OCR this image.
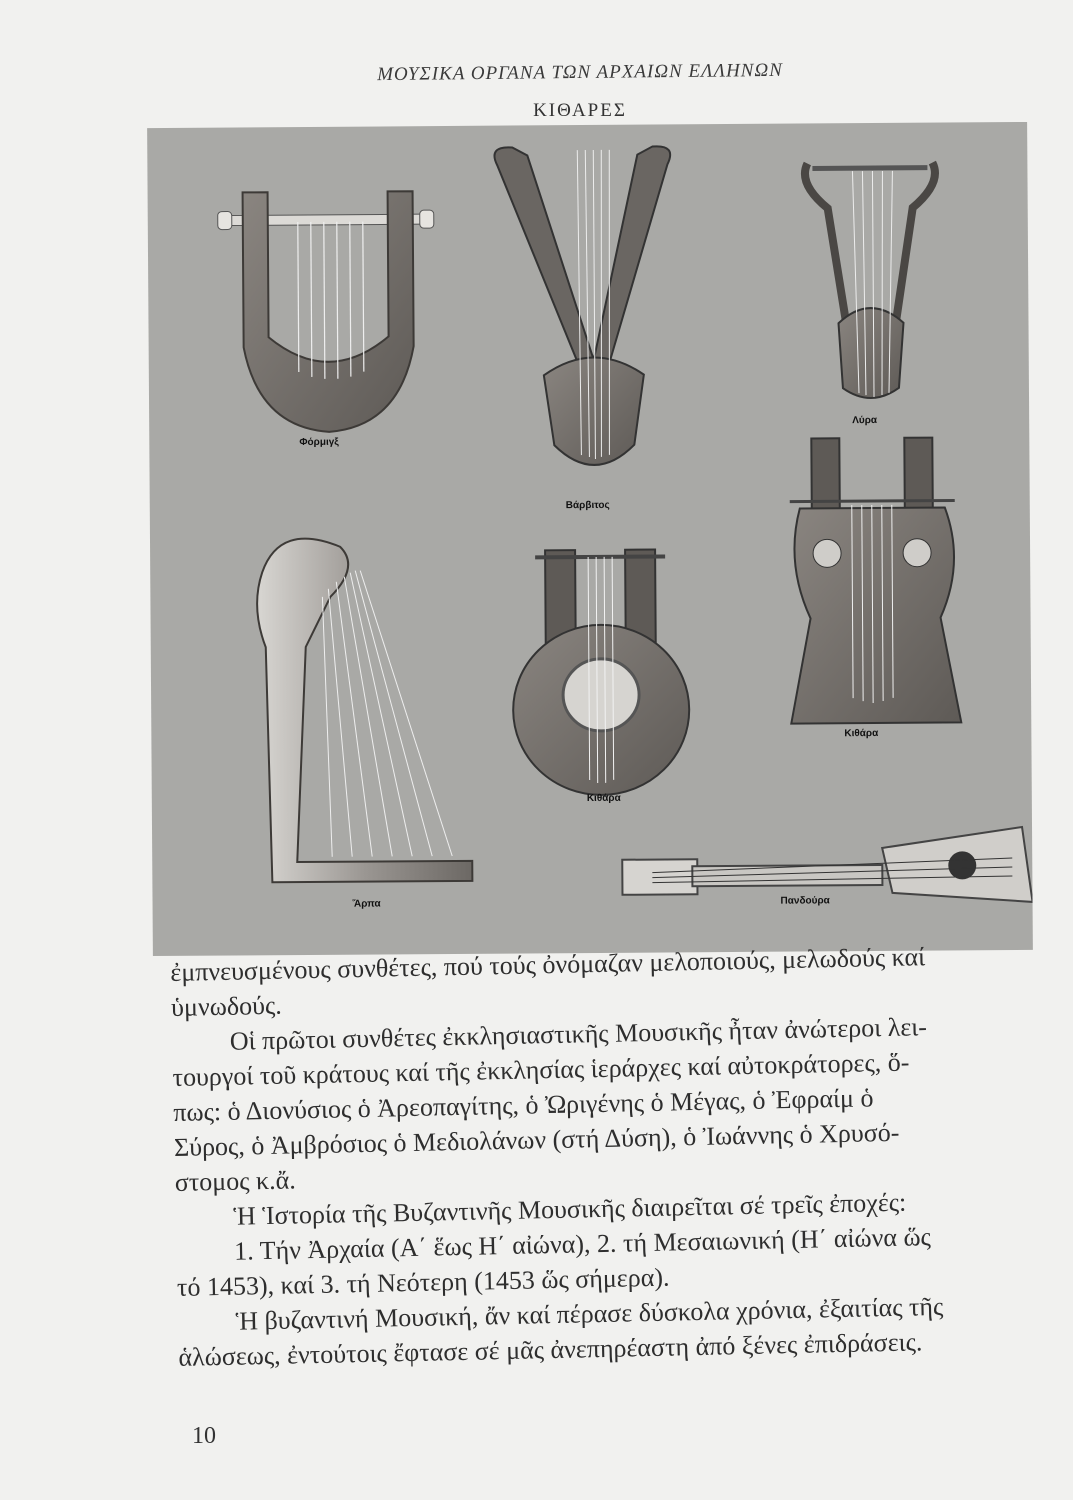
ΜΟΥΣΙΚΑ ΟΡΓΑΝΑ ΤΩΝ ΑΡΧΑΙΩΝ ΕΛΛΗΝΩΝ
ΚΙΘΑΡΕΣ
Φόρμιγξ
Βάρβιτος
Λύρα
Κιθάρα
Κιθάρα
Ἅρπα	Πανδούρα

ἐμπνευσμένους συνθέτες, πού τούς ὀνόμαζαν μελοποιούς, μελωδούς καί

ὑμνωδούς.

Οἱ πρῶτοι συνθέτες ἐκκλησιαστικῆς Μουσικῆς ἦταν ἀνώτεροι λει-

τουργοί τοῦ κράτους καί τῆς ἐκκλησίας ἱεράρχες καί αὐτοκράτορες, ὅ-

πως: ὁ Διονύσιος ὁ Ἀρεοπαγίτης, ὁ Ὠριγένης ὁ Μέγας, ὁ Ἐφραίμ ὁ

Σύρος, ὁ Ἀμβρόσιος ὁ Μεδιολάνων (στή Δύση), ὁ Ἰωάννης ὁ Χρυσό-

στομος κ.ἄ.

Ἡ Ἱστορία τῆς Βυζαντινῆς Μουσικῆς διαιρεῖται σέ τρεῖς ἐποχές:

1. Τήν Ἀρχαία (Α΄ ἕως Η΄ αἰώνα), 2. τή Μεσαιωνική (Η΄ αἰώνα ὥς

τό 1453), καί 3. τή Νεότερη (1453 ὥς σήμερα).

Ἡ βυζαντινή Μουσική, ἄν καί πέρασε δύσκολα χρόνια, ἐξαιτίας τῆς

ἁλώσεως, ἐντούτοις ἔφτασε σέ μᾶς ἀνεπηρέαστη ἀπό ξένες ἐπιδράσεις.

10
